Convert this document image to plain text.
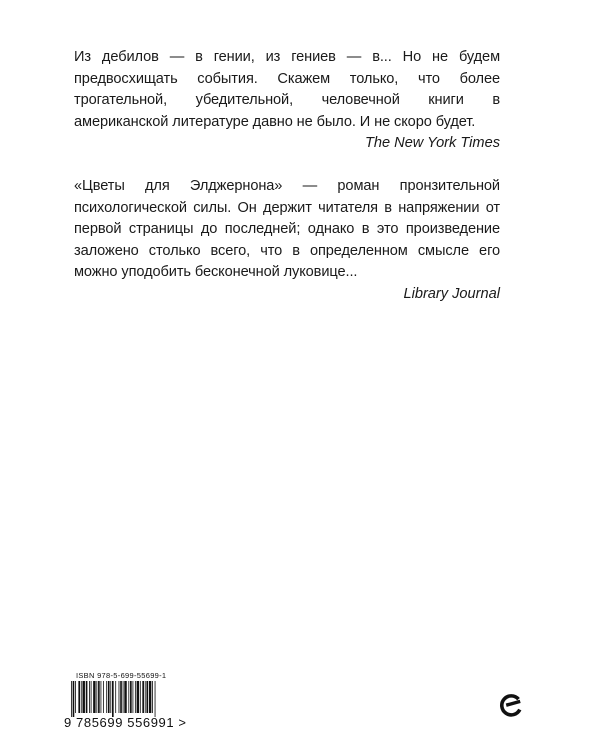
Из дебилов — в гении, из гениев — в... Но не будем предвосхищать события. Скажем только, что более трогательной, убедительной, человечной книги в американской литературе давно не было. И не скоро будет.

The New York Times

«Цветы для Элджернона» — роман пронзительной психологической силы. Он держит читателя в напряжении от первой страницы до последней; однако в это произведение заложено столько всего, что в определенном смысле его можно уподобить бесконечной луковице...

Library Journal

ISBN 978-5-699-55699-1
9 785699 556991 >
